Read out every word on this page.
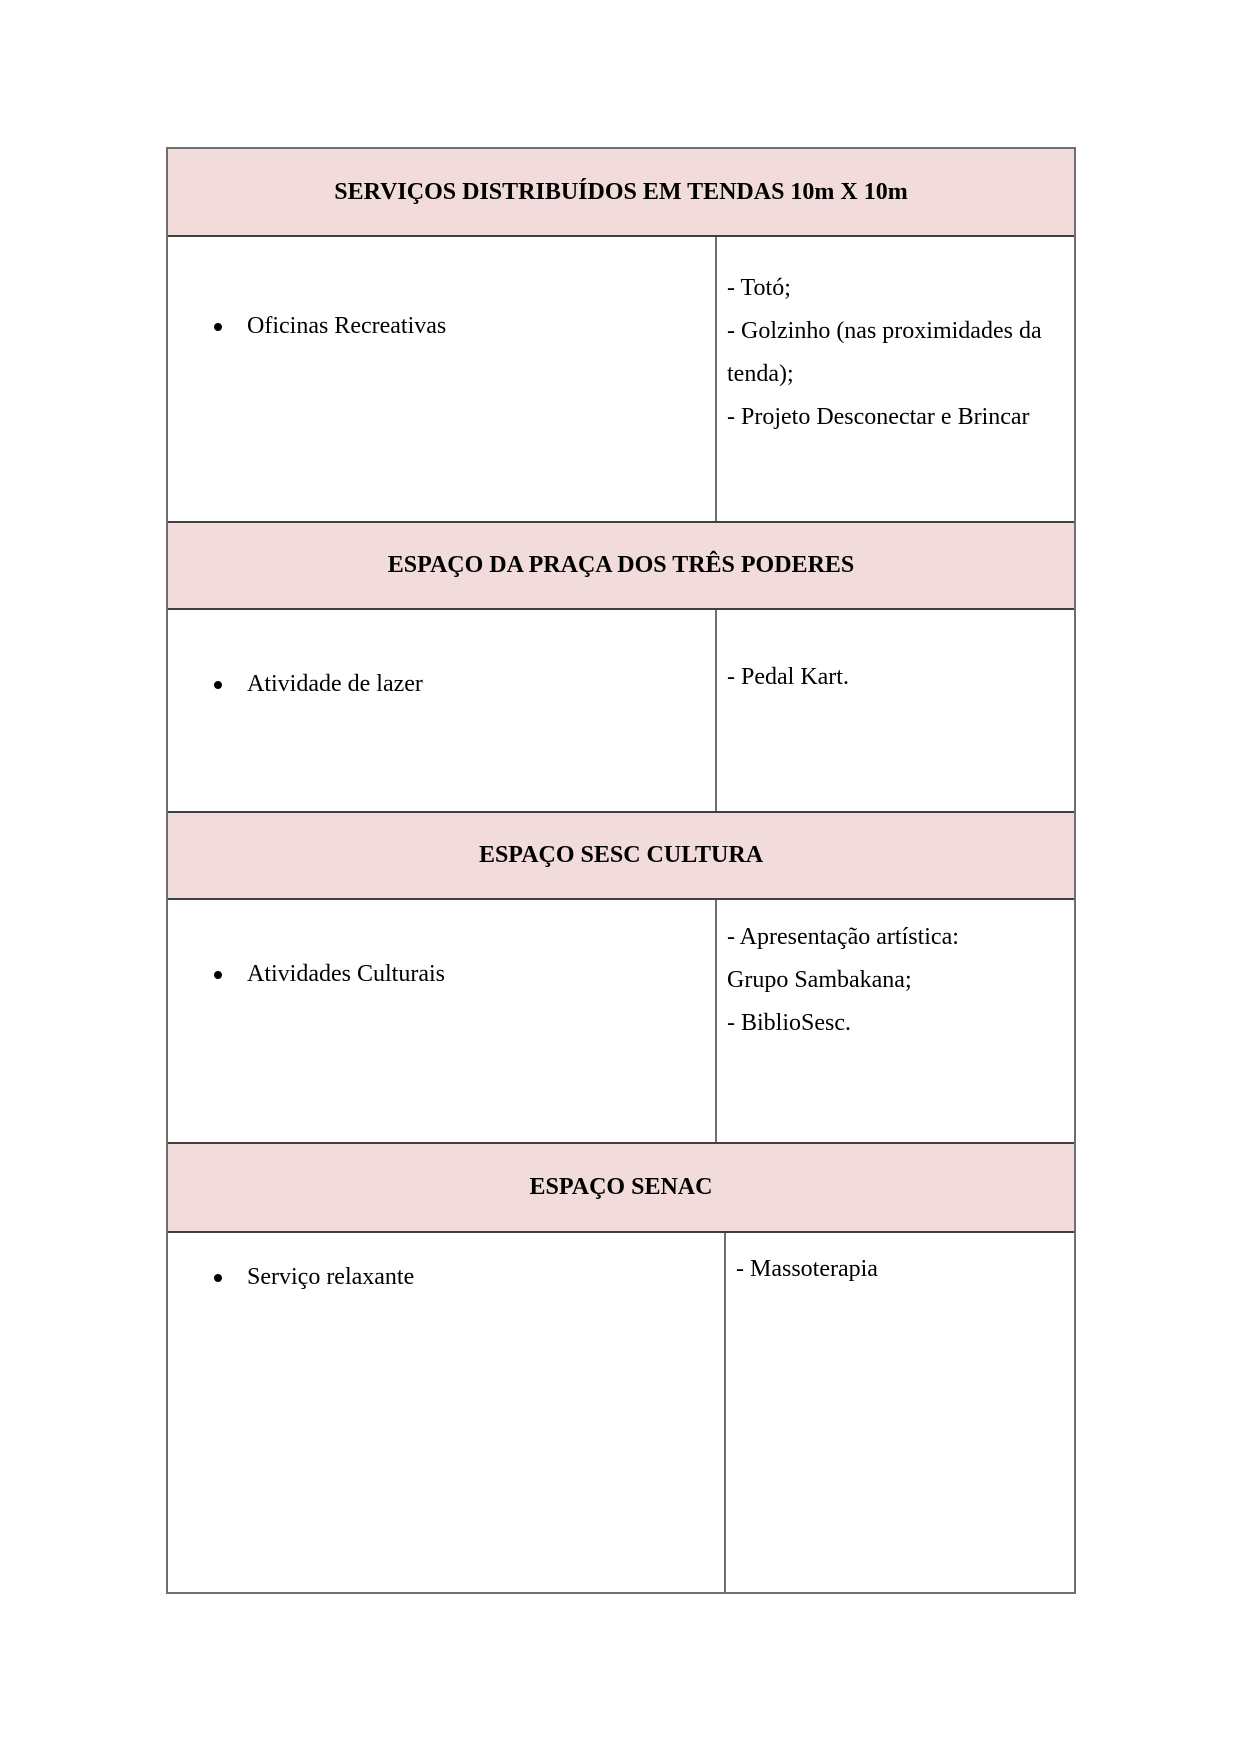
SERVIÇOS DISTRIBUÍDOS EM TENDAS 10m X 10m
Oficinas Recreativas
- Totó;
- Golzinho (nas proximidades da
tenda);
- Projeto Desconectar e Brincar
ESPAÇO DA PRAÇA DOS TRÊS PODERES
Atividade de lazer	- Pedal Kart.
ESPAÇO SESC CULTURA
Atividades Culturais
- Apresentação artística:
Grupo Sambakana;
- BiblioSesc.
ESPAÇO SENAC
Serviço relaxante	- Massoterapia
